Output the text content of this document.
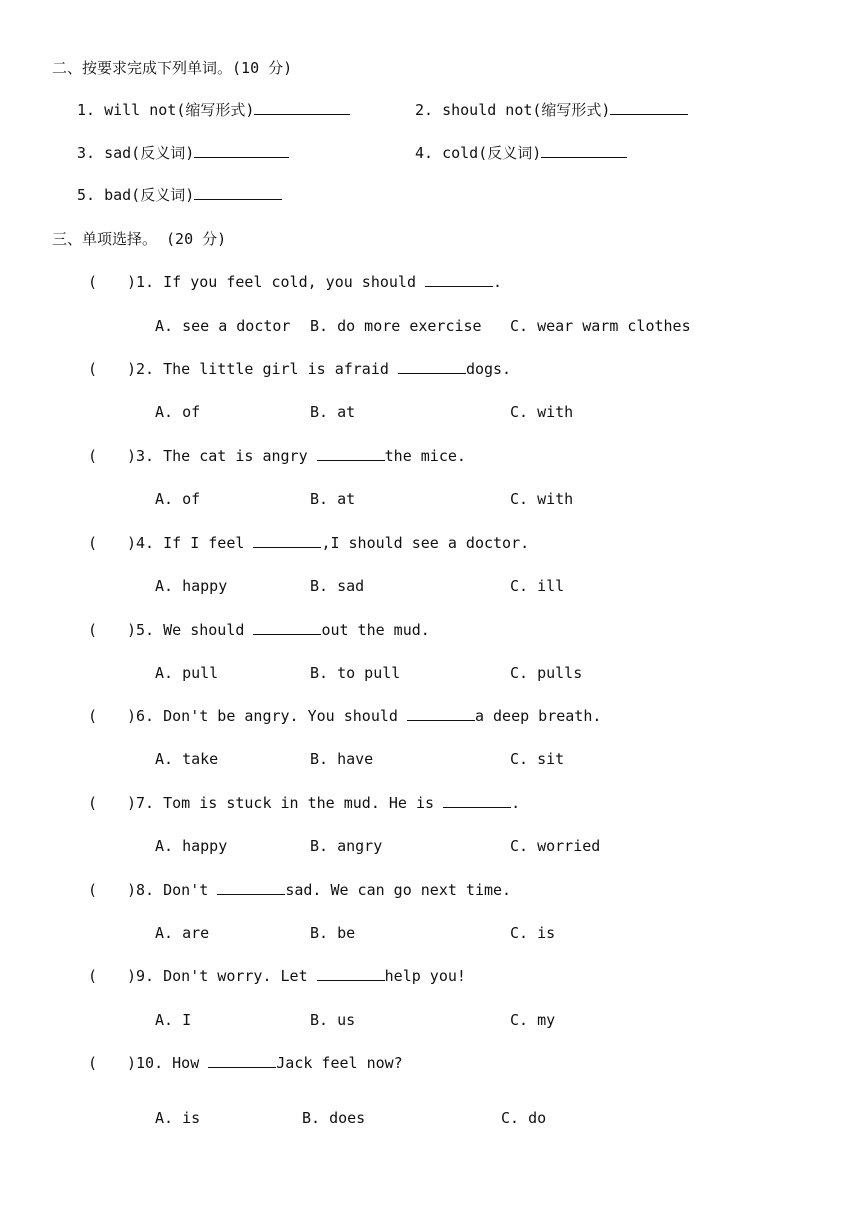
二、按要求完成下列单词。(10 分)
1. will not(缩写形式)	2. should not(缩写形式)
3. sad(反义词)	4. cold(反义词)
5. bad(反义词)
三、单项选择。 (20 分)
( )1. If you feel cold, you should	.
A. see a doctor B. do more exercise C. wear warm clothes
( )2. The little girl is afraid	dogs.
A. of	B. at	C. with
( )3. The cat is angry	the mice.
A. of	B. at	C. with
( )4. If I feel	,I should see a doctor.
A. happy	B. sad	C. ill
( )5. We should	out the mud.
A. pull	B. to pull	C. pulls
( )6. Don't be angry. You should	a deep breath.
A. take	B. have	C. sit
( )7. Tom is stuck in the mud. He is	.
A. happy	B. angry	C. worried
( )8. Don't	sad. We can go next time.
A. are	B. be	C. is
( )9. Don't worry. Let	help you!
A. I	B. us	C. my
( )10. How	Jack feel now?
A. is	B. does	C. do
